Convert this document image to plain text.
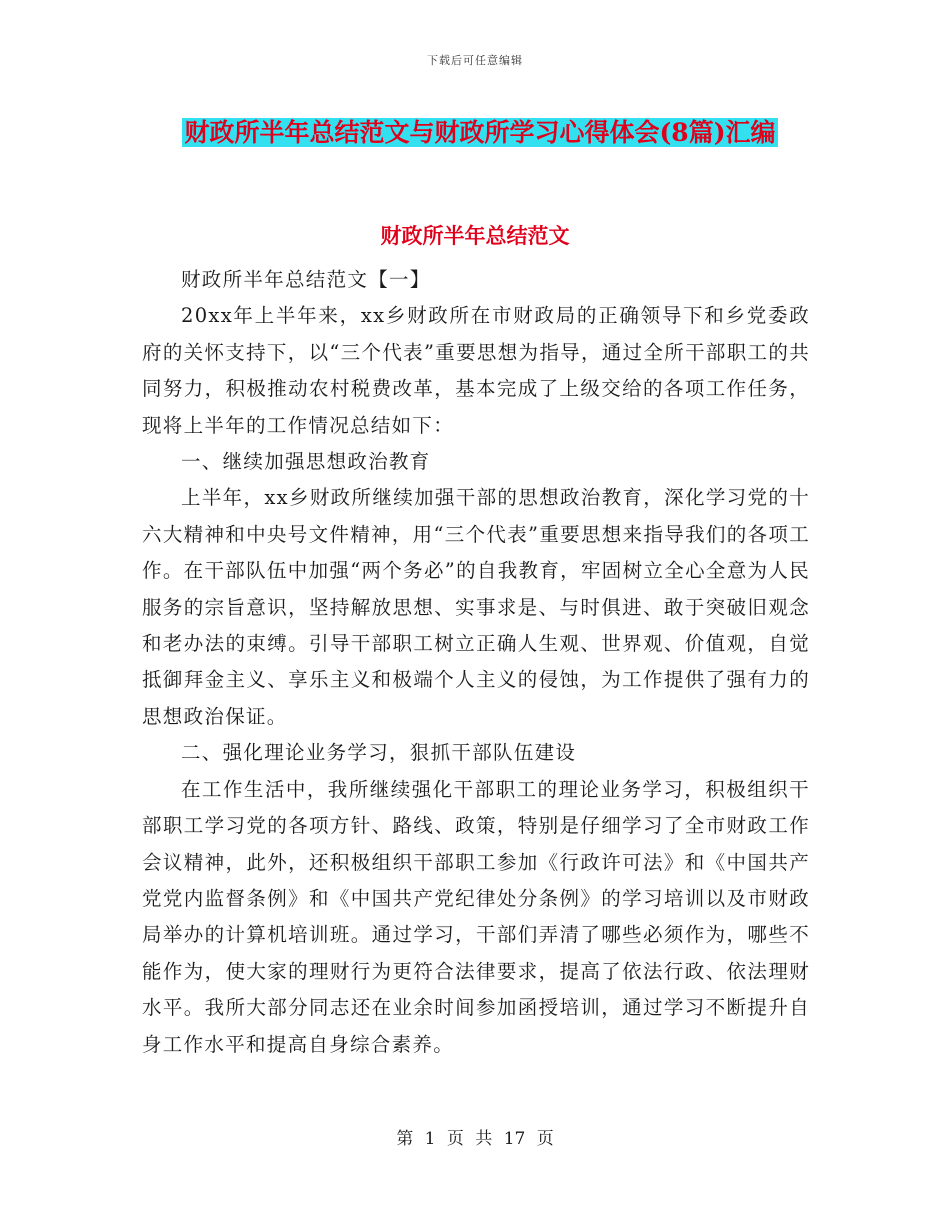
下载后可任意编辑
财政所半年总结范文与财政所学习心得体会(8篇)汇编
财政所半年总结范文

财政所半年总结范文【一】

20xx年上半年来，xx乡财政所在市财政局的正确领导下和乡党委政府的关怀支持下，以“三个代表”重要思想为指导，通过全所干部职工的共同努力，积极推动农村税费改革，基本完成了上级交给的各项工作任务，现将上半年的工作情况总结如下：

一、继续加强思想政治教育

上半年，xx乡财政所继续加强干部的思想政治教育，深化学习党的十六大精神和中央号文件精神，用“三个代表”重要思想来指导我们的各项工作。在干部队伍中加强“两个务必”的自我教育，牢固树立全心全意为人民服务的宗旨意识，坚持解放思想、实事求是、与时俱进、敢于突破旧观念和老办法的束缚。引导干部职工树立正确人生观、世界观、价值观，自觉抵御拜金主义、享乐主义和极端个人主义的侵蚀，为工作提供了强有力的思想政治保证。

二、强化理论业务学习，狠抓干部队伍建设

在工作生活中，我所继续强化干部职工的理论业务学习，积极组织干部职工学习党的各项方针、路线、政策，特别是仔细学习了全市财政工作会议精神，此外，还积极组织干部职工参加《行政许可法》和《中国共产党党内监督条例》和《中国共产党纪律处分条例》的学习培训以及市财政局举办的计算机培训班。通过学习，干部们弄清了哪些必须作为，哪些不能作为，使大家的理财行为更符合法律要求，提高了依法行政、依法理财水平。我所大部分同志还在业余时间参加函授培训，通过学习不断提升自身工作水平和提高自身综合素养。

第 1 页 共 17 页
